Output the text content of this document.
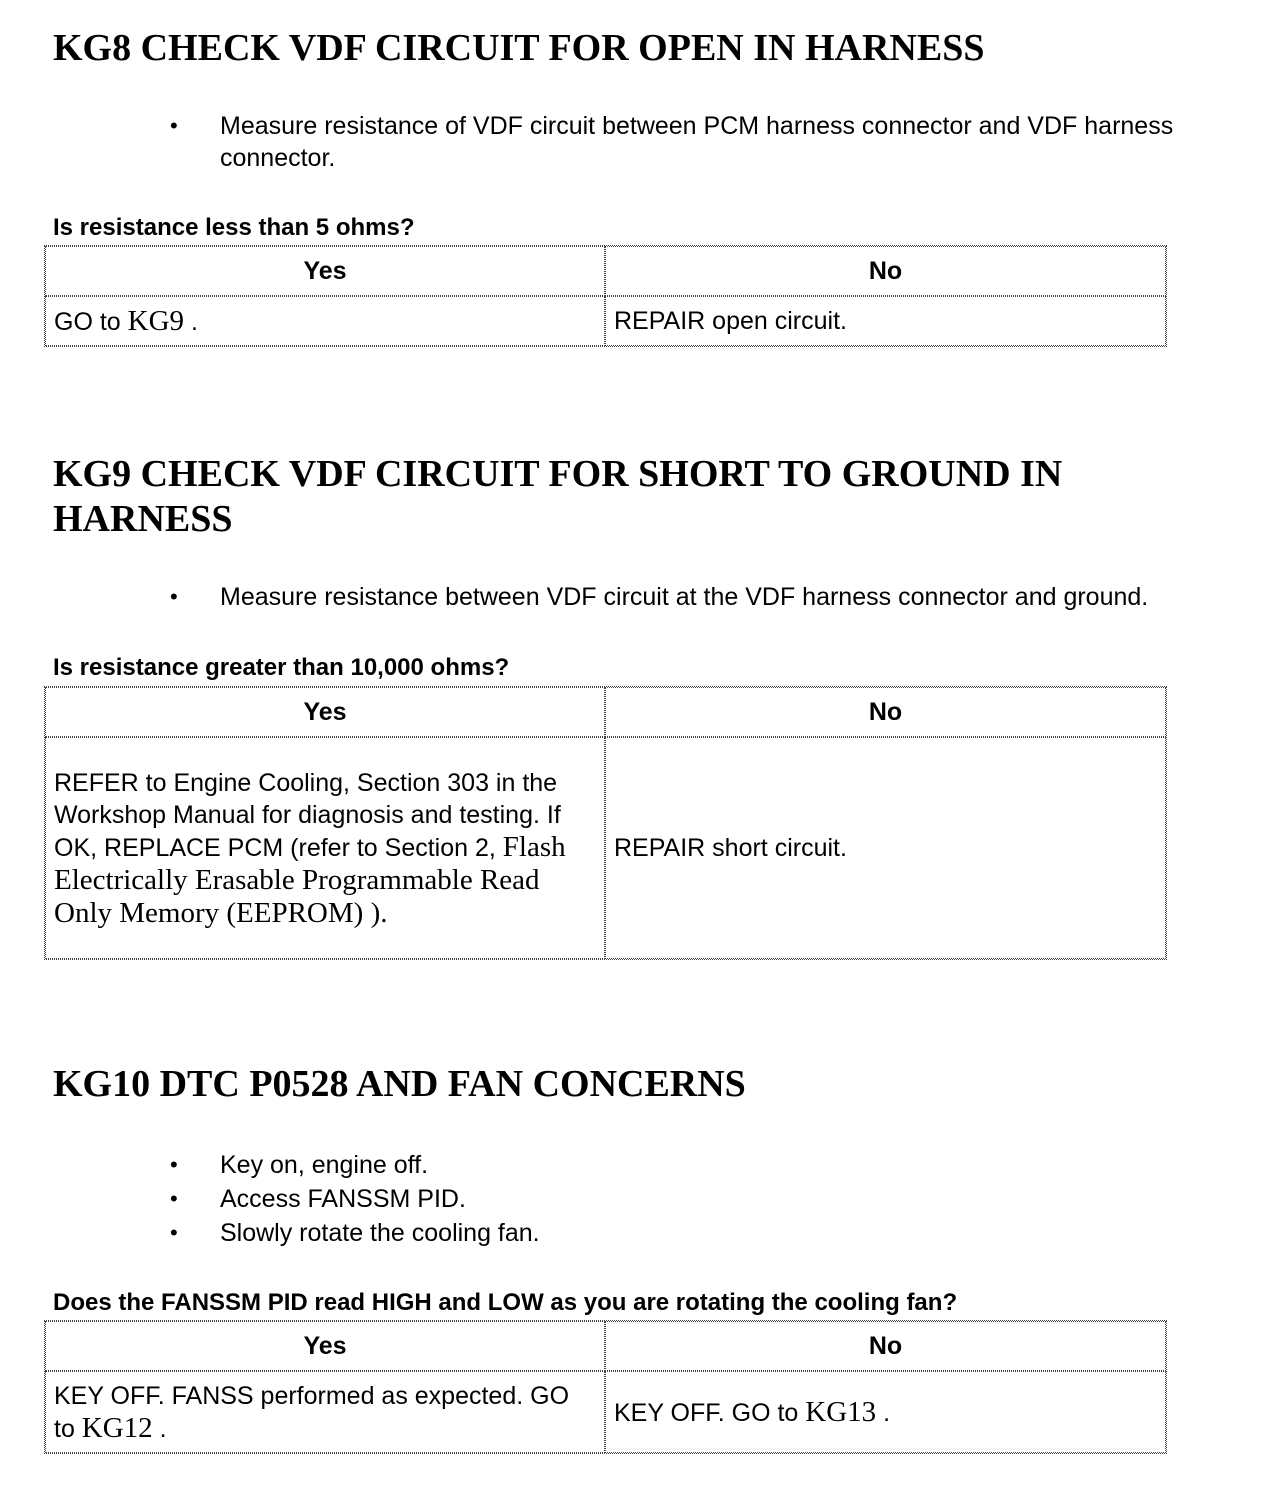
KG8 CHECK VDF CIRCUIT FOR OPEN IN HARNESS
•	Measure resistance of VDF circuit between PCM harness connector and VDF harness connector.
Is resistance less than 5 ohms?
Yes	No
GO to KG9 .	REPAIR open circuit.
KG9 CHECK VDF CIRCUIT FOR SHORT TO GROUND IN HARNESS
•	Measure resistance between VDF circuit at the VDF harness connector and ground.
Is resistance greater than 10,000 ohms?
Yes	No
REFER to Engine Cooling, Section 303 in the Workshop Manual for diagnosis and testing. If OK, REPLACE PCM (refer to Section 2, Flash Electrically Erasable Programmable Read Only Memory (EEPROM) ).	REPAIR short circuit.
KG10 DTC P0528 AND FAN CONCERNS
•	Key on, engine off.
•	Access FANSSM PID.
•	Slowly rotate the cooling fan.
Does the FANSSM PID read HIGH and LOW as you are rotating the cooling fan?
Yes	No
KEY OFF. FANSS performed as expected. GO to KG12 .	KEY OFF. GO to KG13 .
